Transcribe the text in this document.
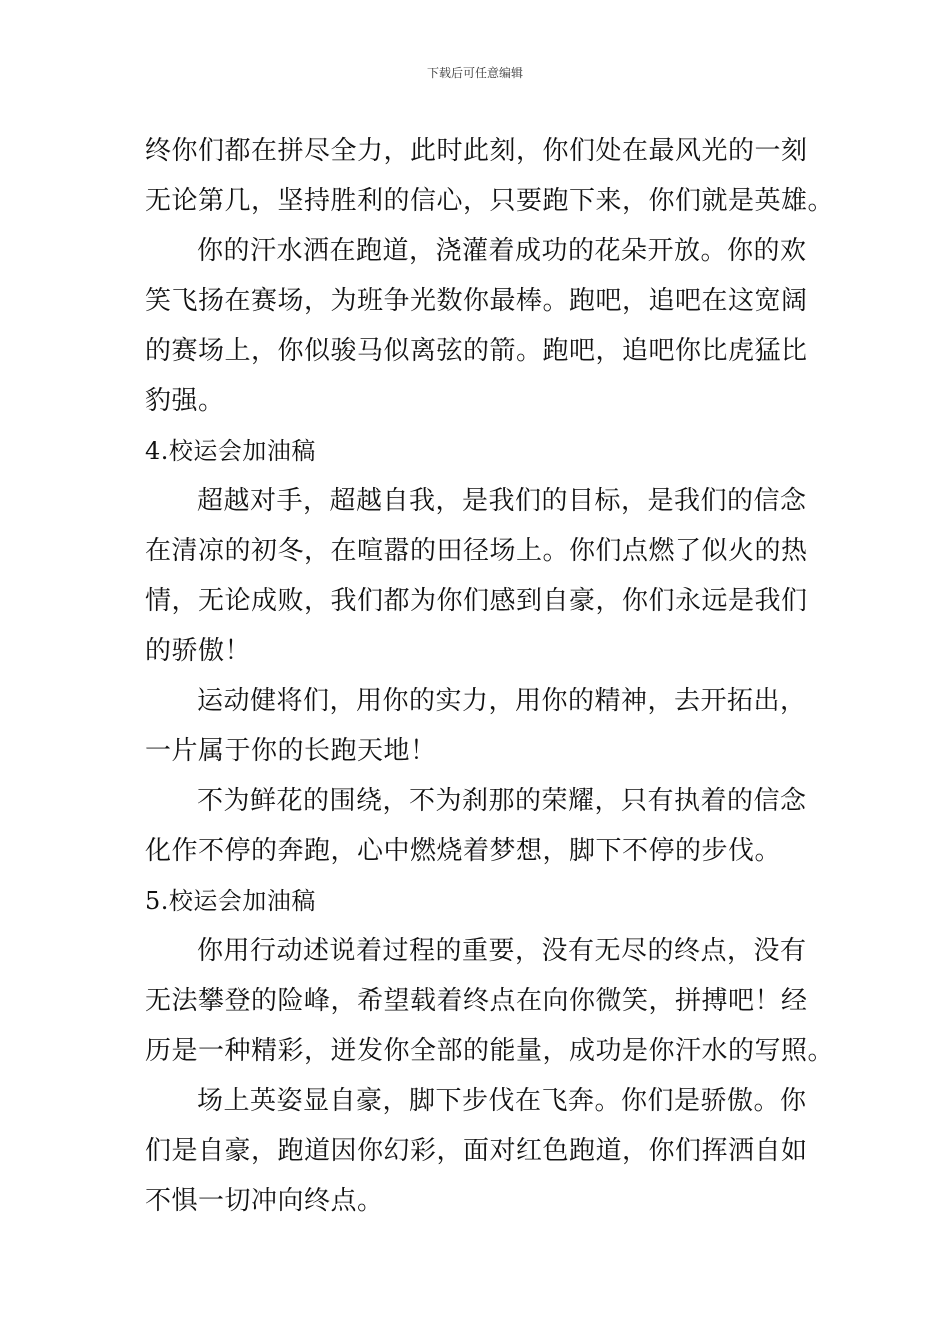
下载后可任意编辑
终你们都在拼尽全力，此时此刻，你们处在最风光的一刻
无论第几，坚持胜利的信心，只要跑下来，你们就是英雄。
你的汗水洒在跑道，浇灌着成功的花朵开放。你的欢
笑飞扬在赛场，为班争光数你最棒。跑吧，追吧在这宽阔
的赛场上，你似骏马似离弦的箭。跑吧，追吧你比虎猛比
豹强。
4.校运会加油稿
超越对手，超越自我，是我们的目标，是我们的信念
在清凉的初冬，在喧嚣的田径场上。你们点燃了似火的热
情，无论成败，我们都为你们感到自豪，你们永远是我们
的骄傲！
运动健将们，用你的实力，用你的精神，去开拓出，
一片属于你的长跑天地！
不为鲜花的围绕，不为刹那的荣耀，只有执着的信念
化作不停的奔跑，心中燃烧着梦想，脚下不停的步伐。
5.校运会加油稿
你用行动述说着过程的重要，没有无尽的终点，没有
无法攀登的险峰，希望载着终点在向你微笑，拼搏吧！经
历是一种精彩，迸发你全部的能量，成功是你汗水的写照。
场上英姿显自豪，脚下步伐在飞奔。你们是骄傲。你
们是自豪，跑道因你幻彩，面对红色跑道，你们挥洒自如
不惧一切冲向终点。
